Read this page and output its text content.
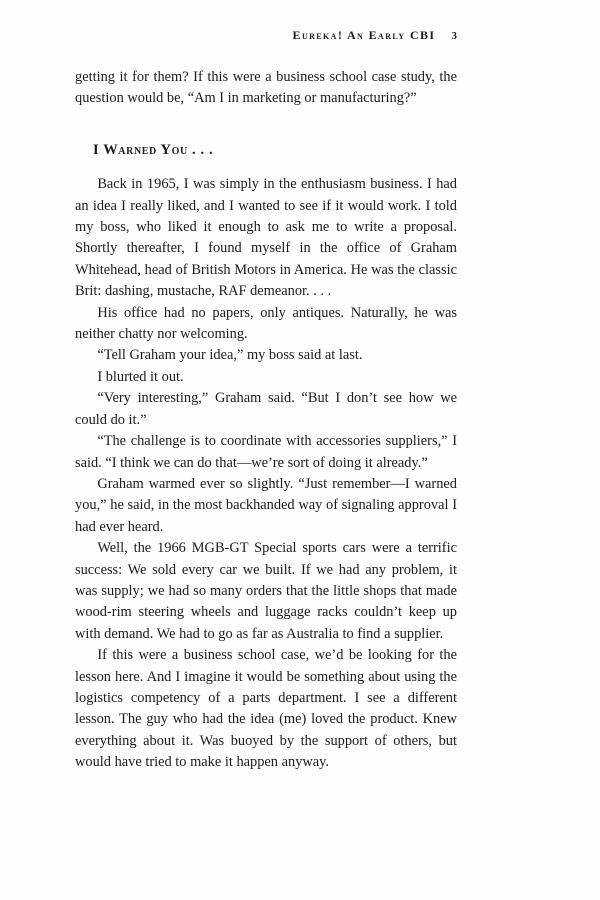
Eureka! An Early CBI 3

getting it for them? If this were a business school case study, the question would be, “Am I in marketing or manufacturing?”

I Warned You . . .

Back in 1965, I was simply in the enthusiasm business. I had an idea I really liked, and I wanted to see if it would work. I told my boss, who liked it enough to ask me to write a proposal. Shortly thereafter, I found myself in the office of Graham Whitehead, head of British Motors in America. He was the classic Brit: dashing, mustache, RAF demeanor. . . .

His office had no papers, only antiques. Naturally, he was neither chatty nor welcoming.

“Tell Graham your idea,” my boss said at last.

I blurted it out.

“Very interesting,” Graham said. “But I don’t see how we could do it.”

“The challenge is to coordinate with accessories suppliers,” I said. “I think we can do that—we’re sort of doing it already.”

Graham warmed ever so slightly. “Just remember—I warned you,” he said, in the most backhanded way of signaling approval I had ever heard.

Well, the 1966 MGB-GT Special sports cars were a terrific success: We sold every car we built. If we had any problem, it was supply; we had so many orders that the little shops that made wood-rim steering wheels and luggage racks couldn’t keep up with demand. We had to go as far as Australia to find a supplier.

If this were a business school case, we’d be looking for the lesson here. And I imagine it would be something about using the logistics competency of a parts department. I see a different lesson. The guy who had the idea (me) loved the product. Knew everything about it. Was buoyed by the support of others, but would have tried to make it happen anyway.
